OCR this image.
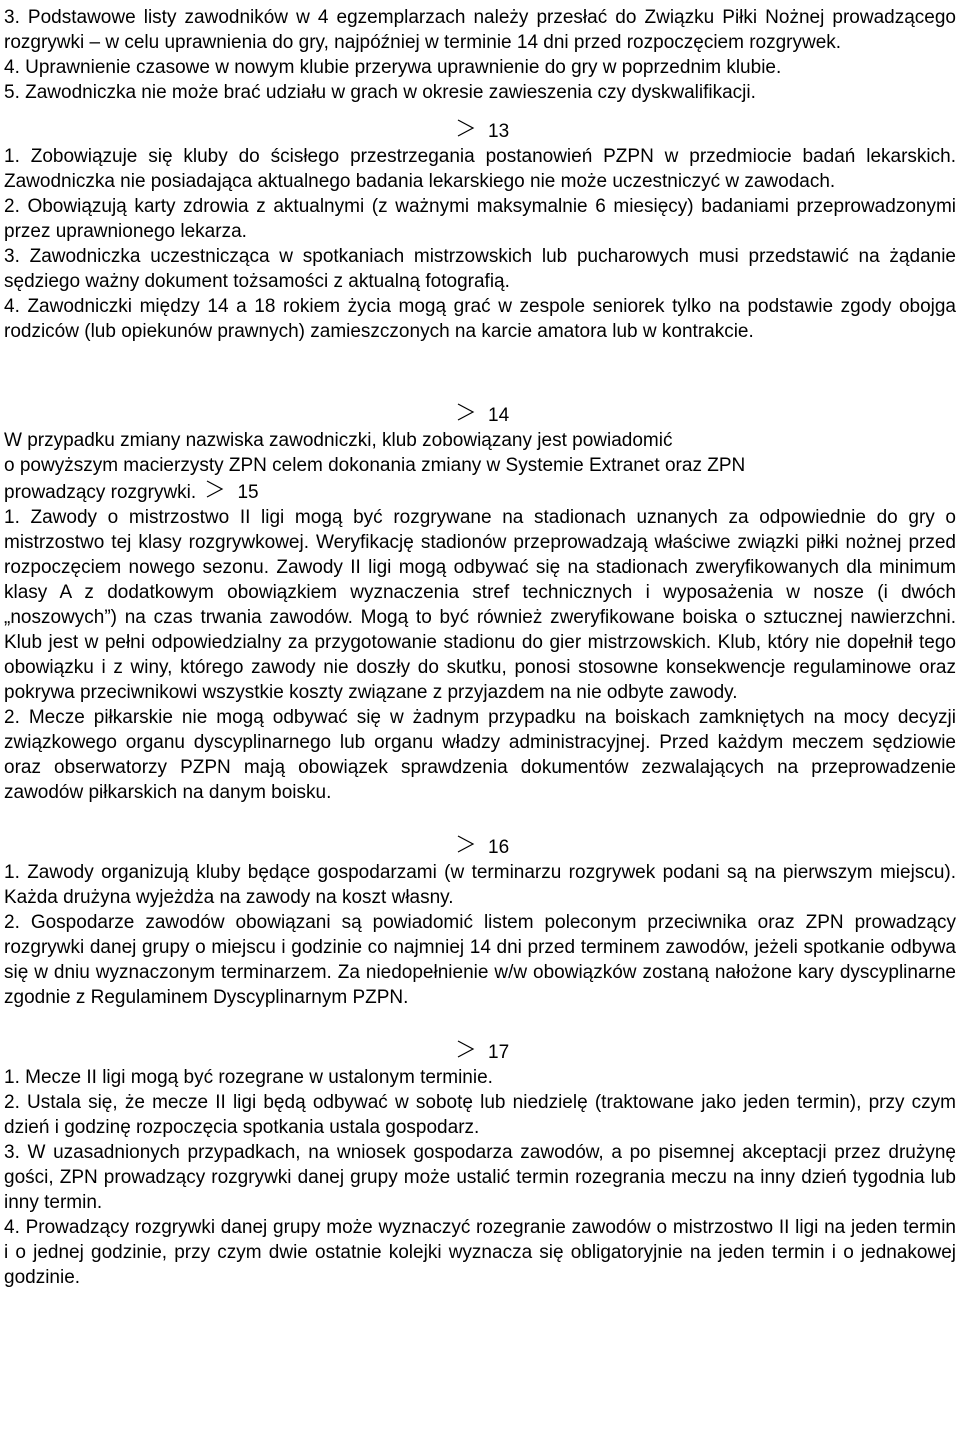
3. Podstawowe listy zawodników w 4 egzemplarzach należy przesłać do Związku Piłki Nożnej prowadzącego rozgrywki – w celu uprawnienia do gry, najpóźniej w terminie 14 dni przed rozpoczęciem rozgrywek.

4. Uprawnienie czasowe w nowym klubie przerywa uprawnienie do gry w poprzednim klubie.

5. Zawodniczka nie może brać udziału w grach w okresie zawieszenia czy dyskwalifikacji.

13

1. Zobowiązuje się kluby do ścisłego przestrzegania postanowień PZPN w przedmiocie badań lekarskich. Zawodniczka nie posiadająca aktualnego badania lekarskiego nie może uczestniczyć w zawodach.

2. Obowiązują karty zdrowia z aktualnymi (z ważnymi maksymalnie 6 miesięcy) badaniami przeprowadzonymi przez uprawnionego lekarza.

3. Zawodniczka uczestnicząca w spotkaniach mistrzowskich lub pucharowych musi przedstawić na żądanie sędziego ważny dokument tożsamości z aktualną fotografią.

4. Zawodniczki między 14 a 18 rokiem życia mogą grać w zespole seniorek tylko na podstawie zgody obojga rodziców (lub opiekunów prawnych) zamieszczonych na karcie amatora lub w kontrakcie.

14

W przypadku zmiany nazwiska zawodniczki, klub zobowiązany jest powiadomić

o powyższym macierzysty ZPN celem dokonania zmiany w Systemie Extranet oraz ZPN

prowadzący rozgrywki. 15

1. Zawody o mistrzostwo II ligi mogą być rozgrywane na stadionach uznanych za odpowiednie do gry o mistrzostwo tej klasy rozgrywkowej. Weryfikację stadionów przeprowadzają właściwe związki piłki nożnej przed rozpoczęciem nowego sezonu. Zawody II ligi mogą odbywać się na stadionach zweryfikowanych dla minimum klasy A z dodatkowym obowiązkiem wyznaczenia stref technicznych i wyposażenia w nosze (i dwóch „noszowych”) na czas trwania zawodów. Mogą to być również zweryfikowane boiska o sztucznej nawierzchni. Klub jest w pełni odpowiedzialny za przygotowanie stadionu do gier mistrzowskich. Klub, który nie dopełnił tego obowiązku i z winy, którego zawody nie doszły do skutku, ponosi stosowne konsekwencje regulaminowe oraz pokrywa przeciwnikowi wszystkie koszty związane z przyjazdem na nie odbyte zawody.

2. Mecze piłkarskie nie mogą odbywać się w żadnym przypadku na boiskach zamkniętych na mocy decyzji związkowego organu dyscyplinarnego lub organu władzy administracyjnej. Przed każdym meczem sędziowie oraz obserwatorzy PZPN mają obowiązek sprawdzenia dokumentów zezwalających na przeprowadzenie zawodów piłkarskich na danym boisku.

16

1. Zawody organizują kluby będące gospodarzami (w terminarzu rozgrywek podani są na pierwszym miejscu). Każda drużyna wyjeżdża na zawody na koszt własny.

2. Gospodarze zawodów obowiązani są powiadomić listem poleconym przeciwnika oraz ZPN prowadzący rozgrywki danej grupy o miejscu i godzinie co najmniej 14 dni przed terminem zawodów, jeżeli spotkanie odbywa się w dniu wyznaczonym terminarzem. Za niedopełnienie w/w obowiązków zostaną nałożone kary dyscyplinarne zgodnie z Regulaminem Dyscyplinarnym PZPN.

17

1. Mecze II ligi mogą być rozegrane w ustalonym terminie.

2. Ustala się, że mecze II ligi będą odbywać w sobotę lub niedzielę (traktowane jako jeden termin), przy czym dzień i godzinę rozpoczęcia spotkania ustala gospodarz.

3. W uzasadnionych przypadkach, na wniosek gospodarza zawodów, a po pisemnej akceptacji przez drużynę gości, ZPN prowadzący rozgrywki danej grupy może ustalić termin rozegrania meczu na inny dzień tygodnia lub inny termin.

4. Prowadzący rozgrywki danej grupy może wyznaczyć rozegranie zawodów o mistrzostwo II ligi na jeden termin i o jednej godzinie, przy czym dwie ostatnie kolejki wyznacza się obligatoryjnie na jeden termin i o jednakowej godzinie.
